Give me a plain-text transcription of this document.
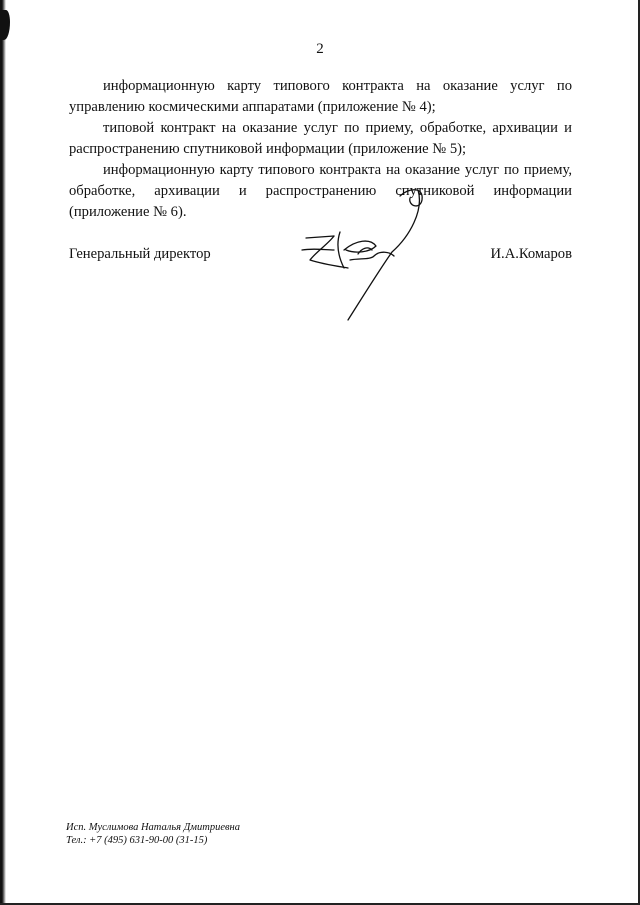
2

информационную карту типового контракта на оказание услуг по управлению космическими аппаратами (приложение № 4);

типовой контракт на оказание услуг по приему, обработке, архивации и распространению спутниковой информации (приложение № 5);

информационную карту типового контракта на оказание услуг по приему, обработке, архивации и распространению спутниковой информации (приложение № 6).

Генеральный директор	И.А.Комаров
Исп. Муслимова Наталья Дмитриевна
Тел.: +7 (495) 631-90-00 (31-15)
